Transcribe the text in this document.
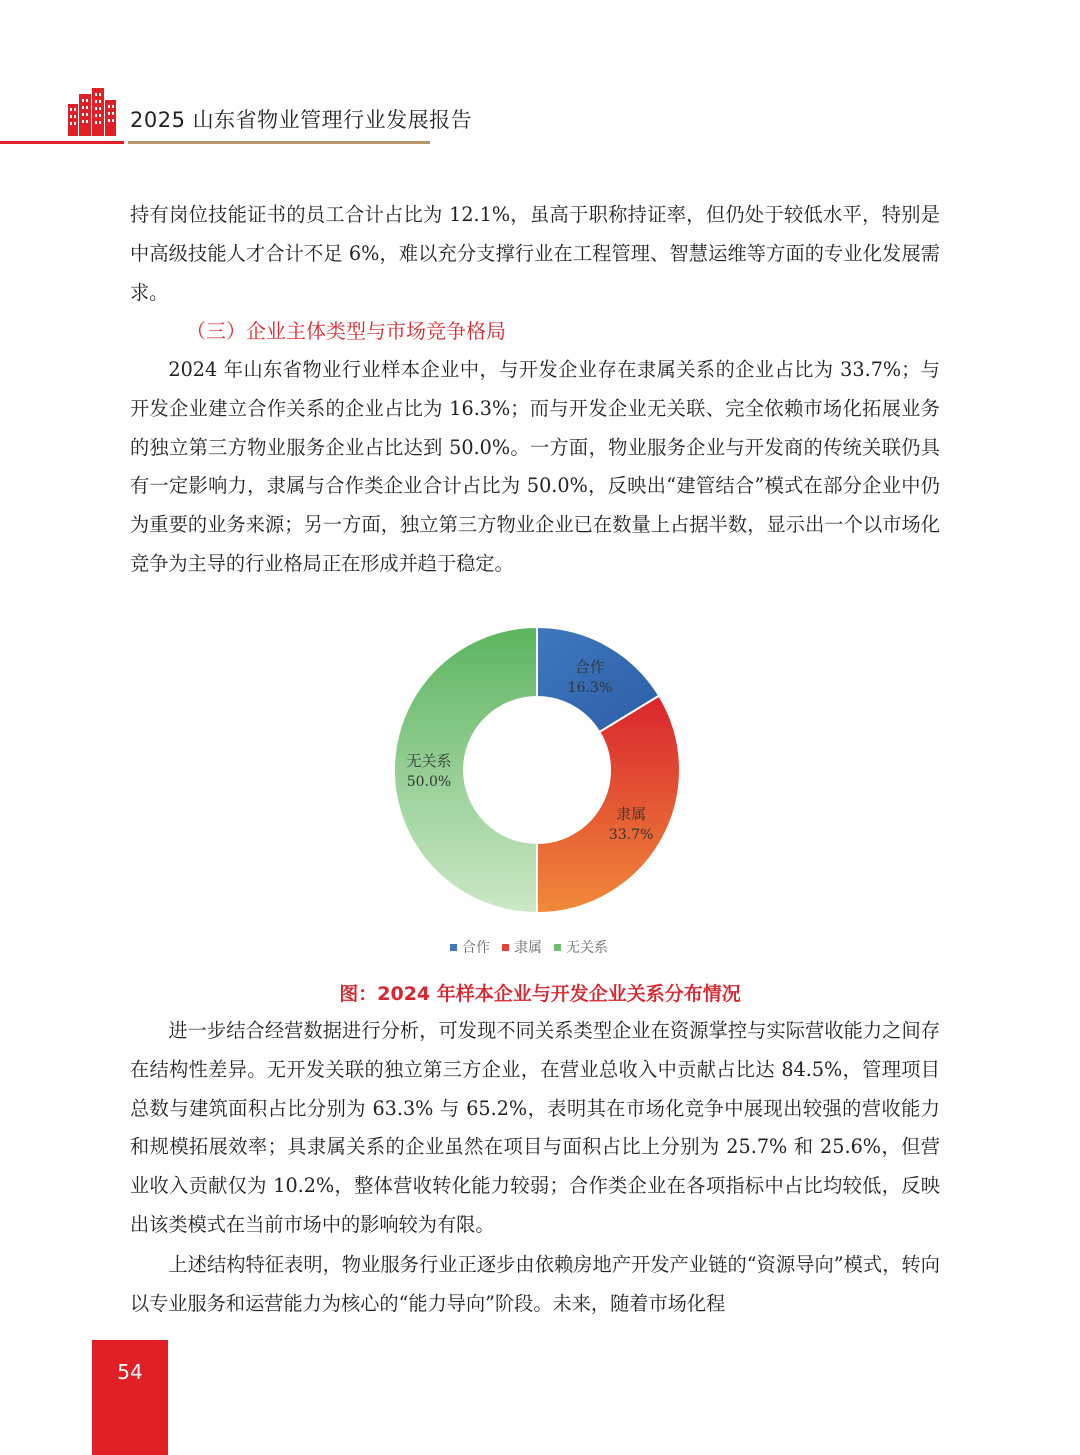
2025 山东省物业管理行业发展报告

持有岗位技能证书的员工合计占比为 12.1%，虽高于职称持证率，但仍处于较低水平，特别是中高级技能人才合计不足 6%，难以充分支撑行业在工程管理、智慧运维等方面的专业化发展需求。

（三）企业主体类型与市场竞争格局

2024 年山东省物业行业样本企业中，与开发企业存在隶属关系的企业占比为 33.7%；与开发企业建立合作关系的企业占比为 16.3%；而与开发企业无关联、完全依赖市场化拓展业务的独立第三方物业服务企业占比达到 50.0%。一方面，物业服务企业与开发商的传统关联仍具有一定影响力，隶属与合作类企业合计占比为 50.0%，反映出“建管结合”模式在部分企业中仍为重要的业务来源；另一方面，独立第三方物业企业已在数量上占据半数，显示出一个以市场化竞争为主导的行业格局正在形成并趋于稳定。

合作
16.3%
隶属
33.7%
无关系
50.0%
合作 隶属 无关系
图：2024 年样本企业与开发企业关系分布情况

进一步结合经营数据进行分析，可发现不同关系类型企业在资源掌控与实际营收能力之间存在结构性差异。无开发关联的独立第三方企业，在营业总收入中贡献占比达 84.5%，管理项目总数与建筑面积占比分别为 63.3% 与 65.2%，表明其在市场化竞争中展现出较强的营收能力和规模拓展效率；具隶属关系的企业虽然在项目与面积占比上分别为 25.7% 和 25.6%，但营业收入贡献仅为 10.2%，整体营收转化能力较弱；合作类企业在各项指标中占比均较低，反映出该类模式在当前市场中的影响较为有限。

上述结构特征表明，物业服务行业正逐步由依赖房地产开发产业链的“资源导向”模式，转向以专业服务和运营能力为核心的“能力导向”阶段。未来，随着市场化程

54
